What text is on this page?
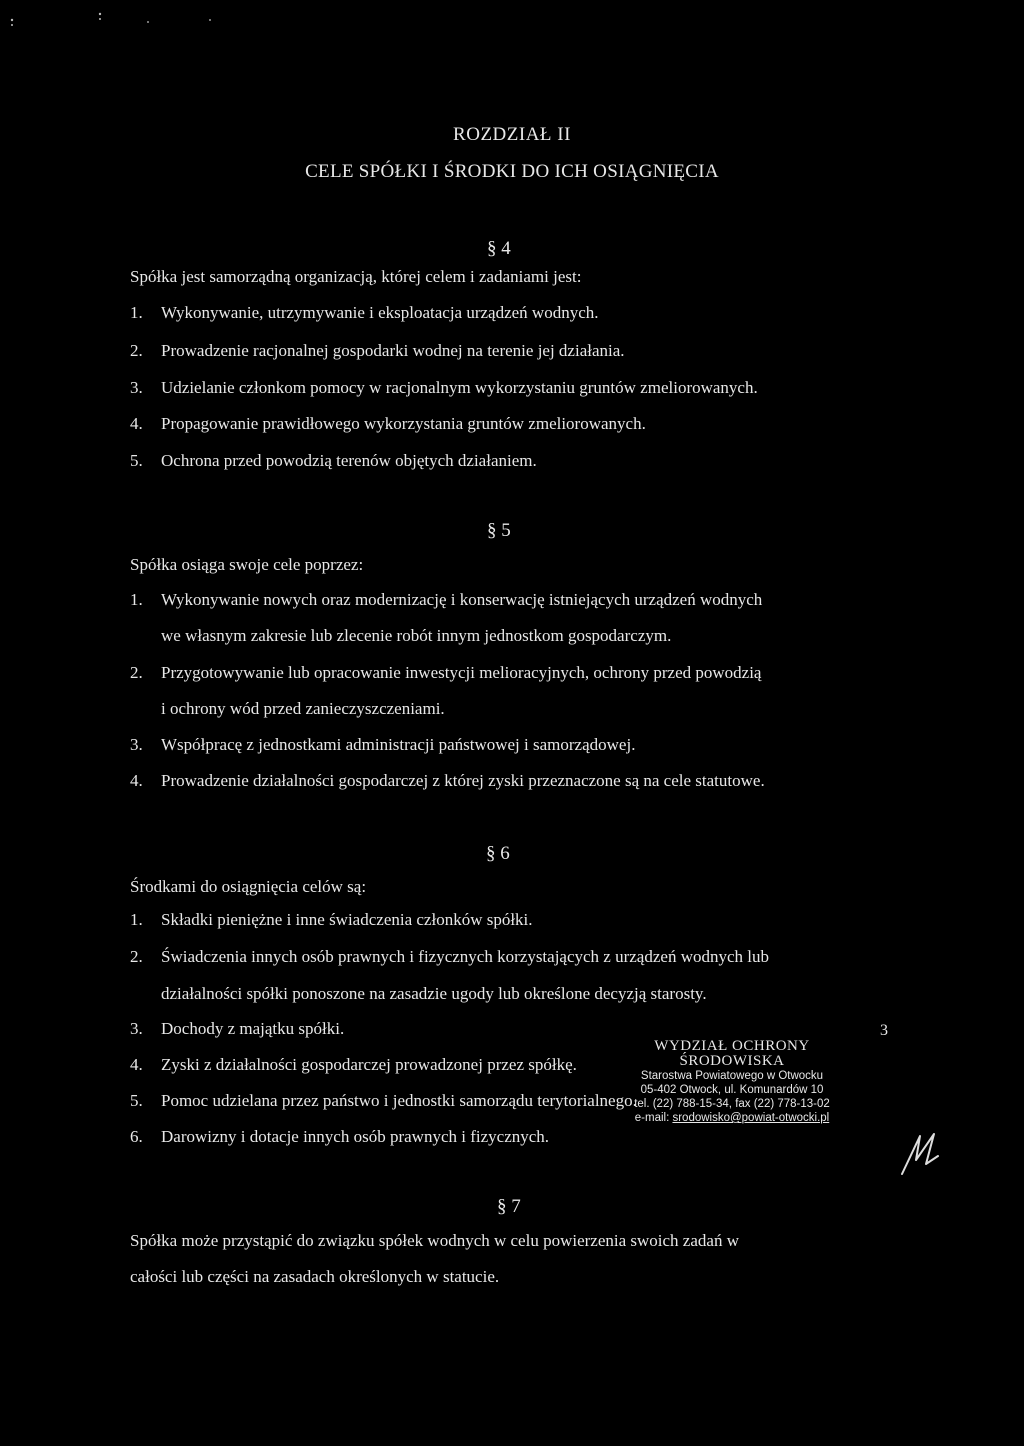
ROZDZIAŁ II
CELE SPÓŁKI I ŚRODKI DO ICH OSIĄGNIĘCIA
§ 4
Spółka jest samorządną organizacją, której celem i zadaniami jest:
1.	Wykonywanie, utrzymywanie i eksploatacja urządzeń wodnych.
2.	Prowadzenie racjonalnej gospodarki wodnej na terenie jej działania.
3.	Udzielanie członkom pomocy w racjonalnym wykorzystaniu gruntów zmeliorowanych.
4.	Propagowanie prawidłowego wykorzystania gruntów zmeliorowanych.
5.	Ochrona przed powodzią terenów objętych działaniem.
§ 5
Spółka osiąga swoje cele poprzez:
1.	Wykonywanie nowych oraz modernizację i konserwację istniejących urządzeń wodnych
we własnym zakresie lub zlecenie robót innym jednostkom gospodarczym.
2.	Przygotowywanie lub opracowanie inwestycji melioracyjnych, ochrony przed powodzią
i ochrony wód przed zanieczyszczeniami.
3.	Współpracę z jednostkami administracji państwowej i samorządowej.
4.	Prowadzenie działalności gospodarczej z której zyski przeznaczone są na cele statutowe.
§ 6
Środkami do osiągnięcia celów są:
1.	Składki pieniężne i inne świadczenia członków spółki.
2.	Świadczenia innych osób prawnych i fizycznych korzystających z urządzeń wodnych lub
działalności spółki ponoszone na zasadzie ugody lub określone decyzją starosty.
3.	Dochody z majątku spółki.
4.	Zyski z działalności gospodarczej prowadzonej przez spółkę.
5.	Pomoc udzielana przez państwo i jednostki samorządu terytorialnego.
6.	Darowizny i dotacje innych osób prawnych i fizycznych.
§ 7
Spółka może przystąpić do związku spółek wodnych w celu powierzenia swoich zadań w
całości lub części na zasadach określonych w statucie.
3
WYDZIAŁ OCHRONY
ŚRODOWISKA
Starostwa Powiatowego w Otwocku
05-402 Otwock, ul. Komunardów 10
tel. (22) 788-15-34, fax (22) 778-13-02
e-mail: srodowisko@powiat-otwocki.pl
